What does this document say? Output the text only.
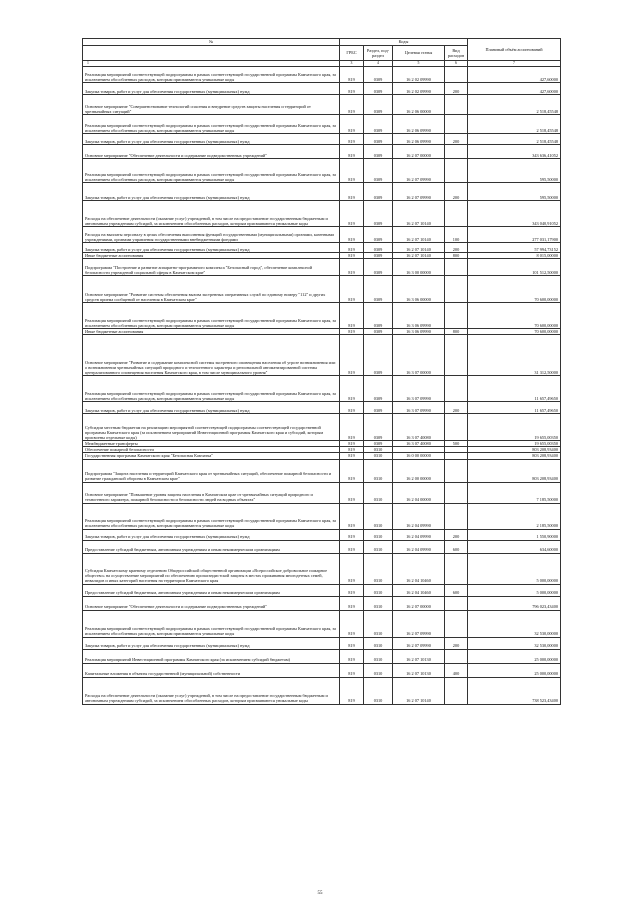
№	Коды				Плановый объём ассигнований
	ГРБС	Раздел, под-раздел	Целевая статья	Вид расходов	
1	3	4	5	6	7
Реализация мероприятий соответствующей подпрограммы в рамках соответствующей государственной программы Камчатского края, за исключением обособленных расходов, которым присваиваются уникальные коды	819	0309	16 2 02 09990		427,60000
Закупка товаров, работ и услуг для обеспечения государственных (муниципальных) нужд	819	0309	16 2 02 09990	200	427,60000
Основное мероприятие "Совершенствование технологий спасения и внедрение средств защиты населения и территорий от чрезвычайных ситуаций"	819	0309	16 2 06 00000		2 518,45548
Реализация мероприятий соответствующей подпрограммы в рамках соответствующей государственной программы Камчатского края, за исключением обособленных расходов, которым присваиваются уникальные коды	819	0309	16 2 06 09990		2 518,45548
Закупка товаров, работ и услуг для обеспечения государственных (муниципальных) нужд	819	0309	16 2 06 09990	200	2 518,45548
Основное мероприятие "Обеспечение деятельности и содержание подведомственных учреждений"	819	0309	16 2 07 00000		343 636,41052
Реализация мероприятий соответствующей подпрограммы в рамках соответствующей государственной программы Камчатского края, за исключением обособленных расходов, которым присваиваются уникальные коды	819	0309	16 2 07 09990		595,50000
Закупка товаров, работ и услуг для обеспечения государственных (муниципальных) нужд	819	0309	16 2 07 09990	200	595,50000
Расходы на обеспечение деятельности (оказание услуг) учреждений, в том числе на предоставление государственным бюджетным и автономным учреждениям субсидий, за исключением обособленных расходов, которым присваиваются уникальные коды	819	0309	16 2 07 10140		343 040,91052
Расходы на выплаты персоналу в целях обеспечения выполнения функций государственными (муниципальными) органами, казенными учреждениями, органами управления государственными внебюджетными фондами	819	0309	16 2 07 10140	100	277 031,17900
Закупка товаров, работ и услуг для обеспечения государственных (муниципальных) нужд	819	0309	16 2 07 10140	200	57 994,73152
Иные бюджетные ассигнования	819	0309	16 2 07 10140	800	8 015,00000
Подпрограмма "Построение и развитие аппаратно-программного комплекса "Безопасный город", обеспечение комплексной безопасности учреждений социальной сферы в Камчатском крае"	819	0309	16 3 00 00000		101 512,50000
Основное мероприятие "Развитие системы обеспечения вызова экстренных оперативных служб по единому номеру "112" и других средств приема сообщений от населения в Камчатском крае"	819	0309	16 3 06 00000		70 600,00000
Реализация мероприятий соответствующей подпрограммы в рамках соответствующей государственной программы Камчатского края, за исключением обособленных расходов, которым присваиваются уникальные коды	819	0309	16 3 06 09990		70 600,00000
Иные бюджетные ассигнования	819	0309	16 3 06 09990	800	70 600,00000
Основное мероприятие "Развитие и содержание комплексной системы экстренного оповещения населения об угрозе возникновения или о возникновении чрезвычайных ситуаций природного и техногенного характера и региональной автоматизированной системы централизованного оповещения населения Камчатского края, в том числе муниципального уровня"	819	0309	16 3 07 00000		31 312,50000
Реализация мероприятий соответствующей подпрограммы в рамках соответствующей государственной программы Камчатского края, за исключением обособленных расходов, которым присваиваются уникальные коды	819	0309	16 3 07 09990		11 657,49650
Закупка товаров, работ и услуг для обеспечения государственных (муниципальных) нужд	819	0309	16 3 07 09990	200	11 657,49650
Субсидии местным бюджетам на реализацию мероприятий соответствующей подпрограммы соответствующей государственной программы Камчатского края (за исключением мероприятий Инвестиционной программы Камчатского края и субсидий, которым присвоены отдельные коды)	819	0309	16 3 07 40080		19 655,00350
Межбюджетные трансферты	819	0309	16 3 07 40080	500	19 655,00350
Обеспечение пожарной безопасности	819	0310			803 208,93400
Государственная программа Камчатского края "Безопасная Камчатка"	819	0310	16 0 00 00000		803 208,93400
Подпрограмма "Защита населения и территорий Камчатского края от чрезвычайных ситуаций, обеспечение пожарной безопасности и развитие гражданской обороны в Камчатском крае"	819	0310	16 2 00 00000		803 208,93400
Основное мероприятие "Повышение уровня защиты населения в Камчатском крае от чрезвычайных ситуаций природного и техногенного характера, пожарной безопасности и безопасности людей на водных объектах"	819	0310	16 2 04 00000		7 185,50000
Реализация мероприятий соответствующей подпрограммы в рамках соответствующей государственной программы Камчатского края, за исключением обособленных расходов, которым присваиваются уникальные коды	819	0310	16 2 04 09990		2 185,50000
Закупка товаров, работ и услуг для обеспечения государственных (муниципальных) нужд	819	0310	16 2 04 09990	200	1 550,90000
Предоставление субсидий бюджетным, автономным учреждениям и иным некоммерческим организациям	819	0310	16 2 04 09990	600	634,60000
Субсидия Камчатскому краевому отделению Общероссийской общественной организации «Всероссийское добровольное пожарное общество» на осуществление мероприятий по обеспечению пропагандистской защиты в местах проживания многодетных семей, инвалидов и иных категорий населения на территории Камчатского края	819	0310	16 2 04 10460		5 000,00000
Предоставление субсидий бюджетным, автономным учреждениям и иным некоммерческим организациям	819	0310	16 2 04 10460	600	5 000,00000
Основное мероприятие "Обеспечение деятельности и содержание подведомственных учреждений"	819	0310	16 2 07 00000		796 023,43400
Реализация мероприятий соответствующей подпрограммы в рамках соответствующей государственной программы Камчатского края, за исключением обособленных расходов, которым присваиваются уникальные коды	819	0310	16 2 07 09990		32 530,00000
Закупка товаров, работ и услуг для обеспечения государственных (муниципальных) нужд	819	0310	16 2 07 09990	200	32 530,00000
Реализация мероприятий Инвестиционной программы Камчатского края (за исключением субсидий бюджетам)	819	0310	16 2 07 10130		25 000,00000
Капитальные вложения в объекты государственной (муниципальной) собственности	819	0310	16 2 07 10130	400	25 000,00000
Расходы на обеспечение деятельности (оказание услуг) учреждений, в том числе на предоставление государственным бюджетным и автономным учреждениям субсидий, за исключением обособленных расходов, которым присваиваются уникальные коды	819	0310	16 2 07 10140		738 523,43400
55
